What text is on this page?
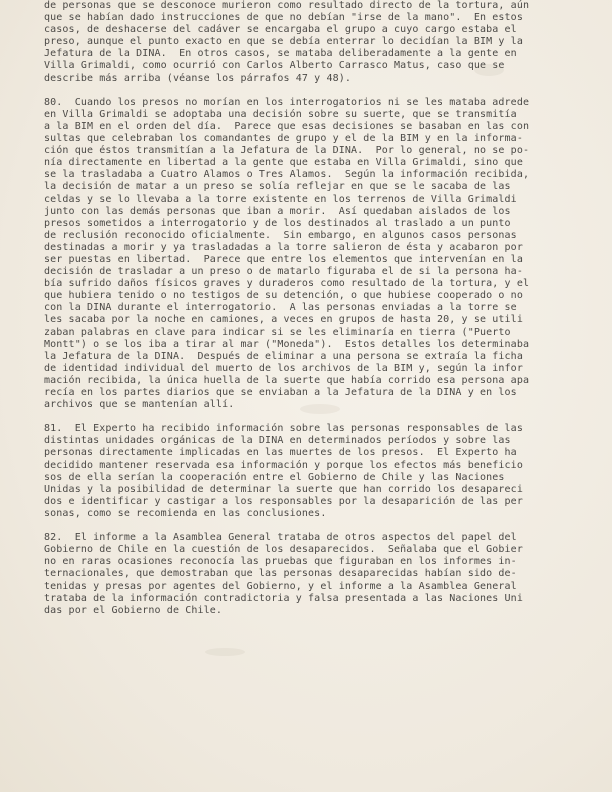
de personas que se desconoce murieron como resultado directo de la tortura, aún
que se habían dado instrucciones de que no debían "irse de la mano".  En estos
casos, de deshacerse del cadáver se encargaba el grupo a cuyo cargo estaba el
preso, aunque el punto exacto en que se debía enterrar lo decidían la BIM y la
Jefatura de la DINA.  En otros casos, se mataba deliberadamente a la gente en
Villa Grimaldi, como ocurrió con Carlos Alberto Carrasco Matus, caso que se
describe más arriba (véanse los párrafos 47 y 48).
80.  Cuando los presos no morían en los interrogatorios ni se les mataba adrede
en Villa Grimaldi se adoptaba una decisión sobre su suerte, que se transmitía
a la BIM en el orden del día.  Parece que esas decisiones se basaban en las con
sultas que celebraban los comandantes de grupo y el de la BIM y en la informa-
ción que éstos transmitían a la Jefatura de la DINA.  Por lo general, no se po-
nía directamente en libertad a la gente que estaba en Villa Grimaldi, sino que
se la trasladaba a Cuatro Alamos o Tres Alamos.  Según la información recibida,
la decisión de matar a un preso se solía reflejar en que se le sacaba de las
celdas y se lo llevaba a la torre existente en los terrenos de Villa Grimaldi
junto con las demás personas que iban a morir.  Así quedaban aislados de los
presos sometidos a interrogatorio y de los destinados al traslado a un punto
de reclusión reconocido oficialmente.  Sin embargo, en algunos casos personas
destinadas a morir y ya trasladadas a la torre salieron de ésta y acabaron por
ser puestas en libertad.  Parece que entre los elementos que intervenían en la
decisión de trasladar a un preso o de matarlo figuraba el de si la persona ha-
bía sufrido daños físicos graves y duraderos como resultado de la tortura, y el
que hubiera tenido o no testigos de su detención, o que hubiese cooperado o no
con la DINA durante el interrogatorio.  A las personas enviadas a la torre se
les sacaba por la noche en camiones, a veces en grupos de hasta 20, y se utili
zaban palabras en clave para indicar si se les eliminaría en tierra ("Puerto
Montt") o se los iba a tirar al mar ("Moneda").  Estos detalles los determinaba
la Jefatura de la DINA.  Después de eliminar a una persona se extraía la ficha
de identidad individual del muerto de los archivos de la BIM y, según la infor
mación recibida, la única huella de la suerte que había corrido esa persona apa
recía en los partes diarios que se enviaban a la Jefatura de la DINA y en los
archivos que se mantenían allí.
81.  El Experto ha recibido información sobre las personas responsables de las
distintas unidades orgánicas de la DINA en determinados períodos y sobre las
personas directamente implicadas en las muertes de los presos.  El Experto ha
decidido mantener reservada esa información y porque los efectos más beneficio
sos de ella serían la cooperación entre el Gobierno de Chile y las Naciones
Unidas y la posibilidad de determinar la suerte que han corrido los desapareci
dos e identificar y castigar a los responsables por la desaparición de las per
sonas, como se recomienda en las conclusiones.
82.  El informe a la Asamblea General trataba de otros aspectos del papel del
Gobierno de Chile en la cuestión de los desaparecidos.  Señalaba que el Gobier
no en raras ocasiones reconocía las pruebas que figuraban en los informes in-
ternacionales, que demostraban que las personas desaparecidas habían sido de-
tenidas y presas por agentes del Gobierno, y el informe a la Asamblea General
trataba de la información contradictoria y falsa presentada a las Naciones Uni
das por el Gobierno de Chile.
